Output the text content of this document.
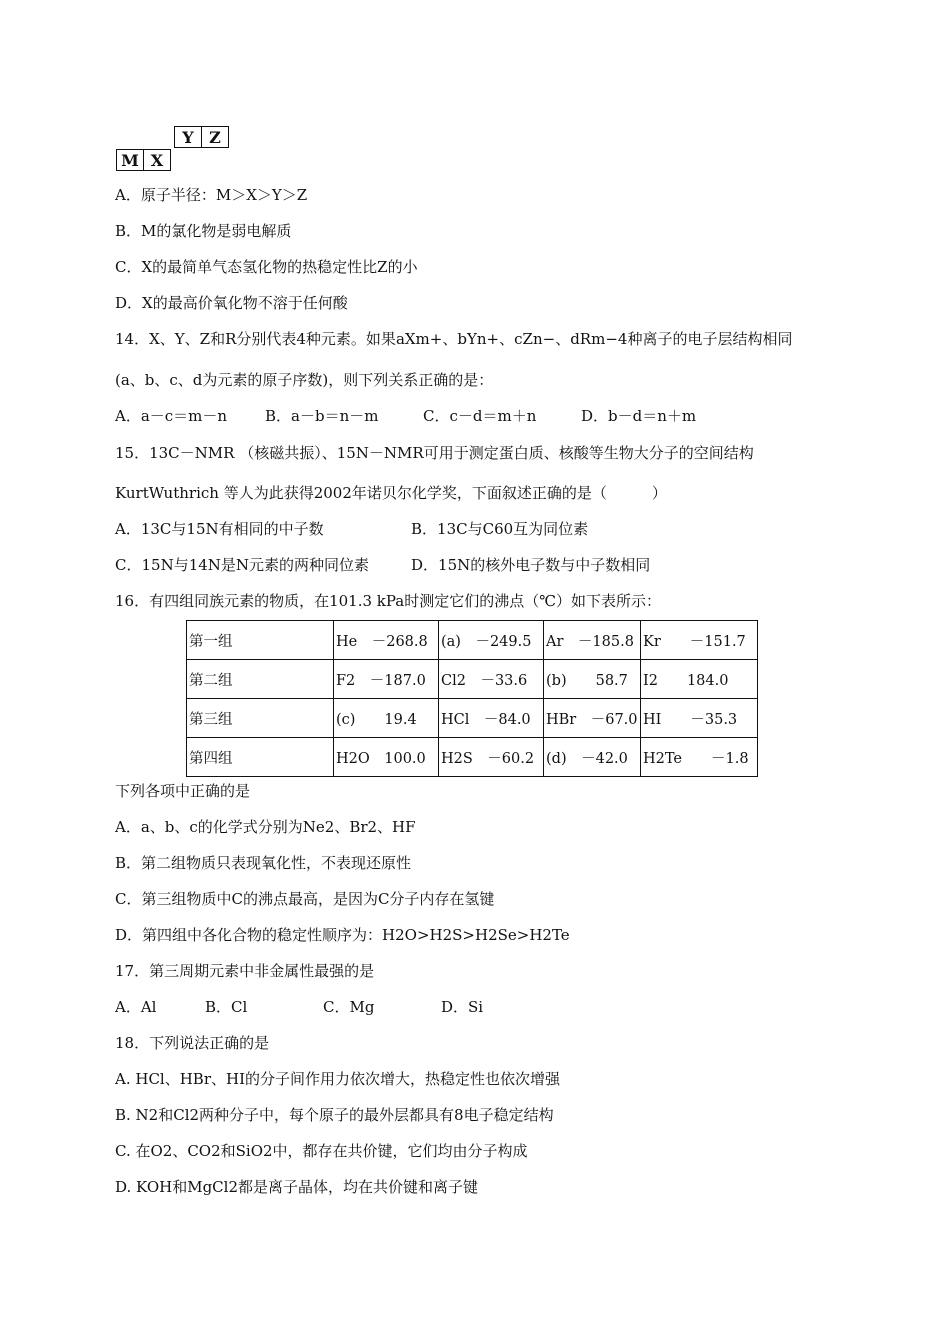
Y	Z
M	X
A．原子半径：M＞X＞Y＞Z
B．M的氯化物是弱电解质
C．X的最简单气态氢化物的热稳定性比Z的小
D．X的最高价氧化物不溶于任何酸
14．X、Y、Z和R分别代表4种元素。如果aXm+、bYn+、cZn−、dRm−4种离子的电子层结构相同
(a、b、c、d为元素的原子序数)，则下列关系正确的是：
A．a－c＝m－n	B．a－b＝n－m	C．c－d＝m＋n	D．b－d＝n＋m
15．13C－NMR （核磁共振）、15N－NMR可用于测定蛋白质、核酸等生物大分子的空间结构
KurtWuthrich 等人为此获得2002年诺贝尔化学奖，下面叙述正确的是（　　　）
A．13C与15N有相同的中子数	B．13C与C60互为同位素
C．15N与14N是N元素的两种同位素	D．15N的核外电子数与中子数相同
16．有四组同族元素的物质，在101.3 kPa时测定它们的沸点（℃）如下表所示：
第一组	He　－268.8	(a)　－249.5	Ar　－185.8	Kr　　－151.7
第二组	F2　－187.0	Cl2　－33.6	(b)　　58.7	I2　　184.0
第三组	(c)　　19.4	HCl　－84.0	HBr　－67.0	HI　　－35.3
第四组	H2O　100.0	H2S　－60.2	(d)　－42.0	H2Te　　－1.8
下列各项中正确的是
A．a、b、c的化学式分别为Ne2、Br2、HF
B．第二组物质只表现氧化性，不表现还原性
C．第三组物质中C的沸点最高，是因为C分子内存在氢键
D．第四组中各化合物的稳定性顺序为：H2O>H2S>H2Se>H2Te
17．第三周期元素中非金属性最强的是
A．Al	B．Cl	C．Mg	D．Si
18．下列说法正确的是
A. HCl、HBr、HI的分子间作用力依次增大，热稳定性也依次增强
B. N2和Cl2两种分子中，每个原子的最外层都具有8电子稳定结构
C. 在O2、CO2和SiO2中，都存在共价键，它们均由分子构成
D. KOH和MgCl2都是离子晶体，均在共价键和离子键
